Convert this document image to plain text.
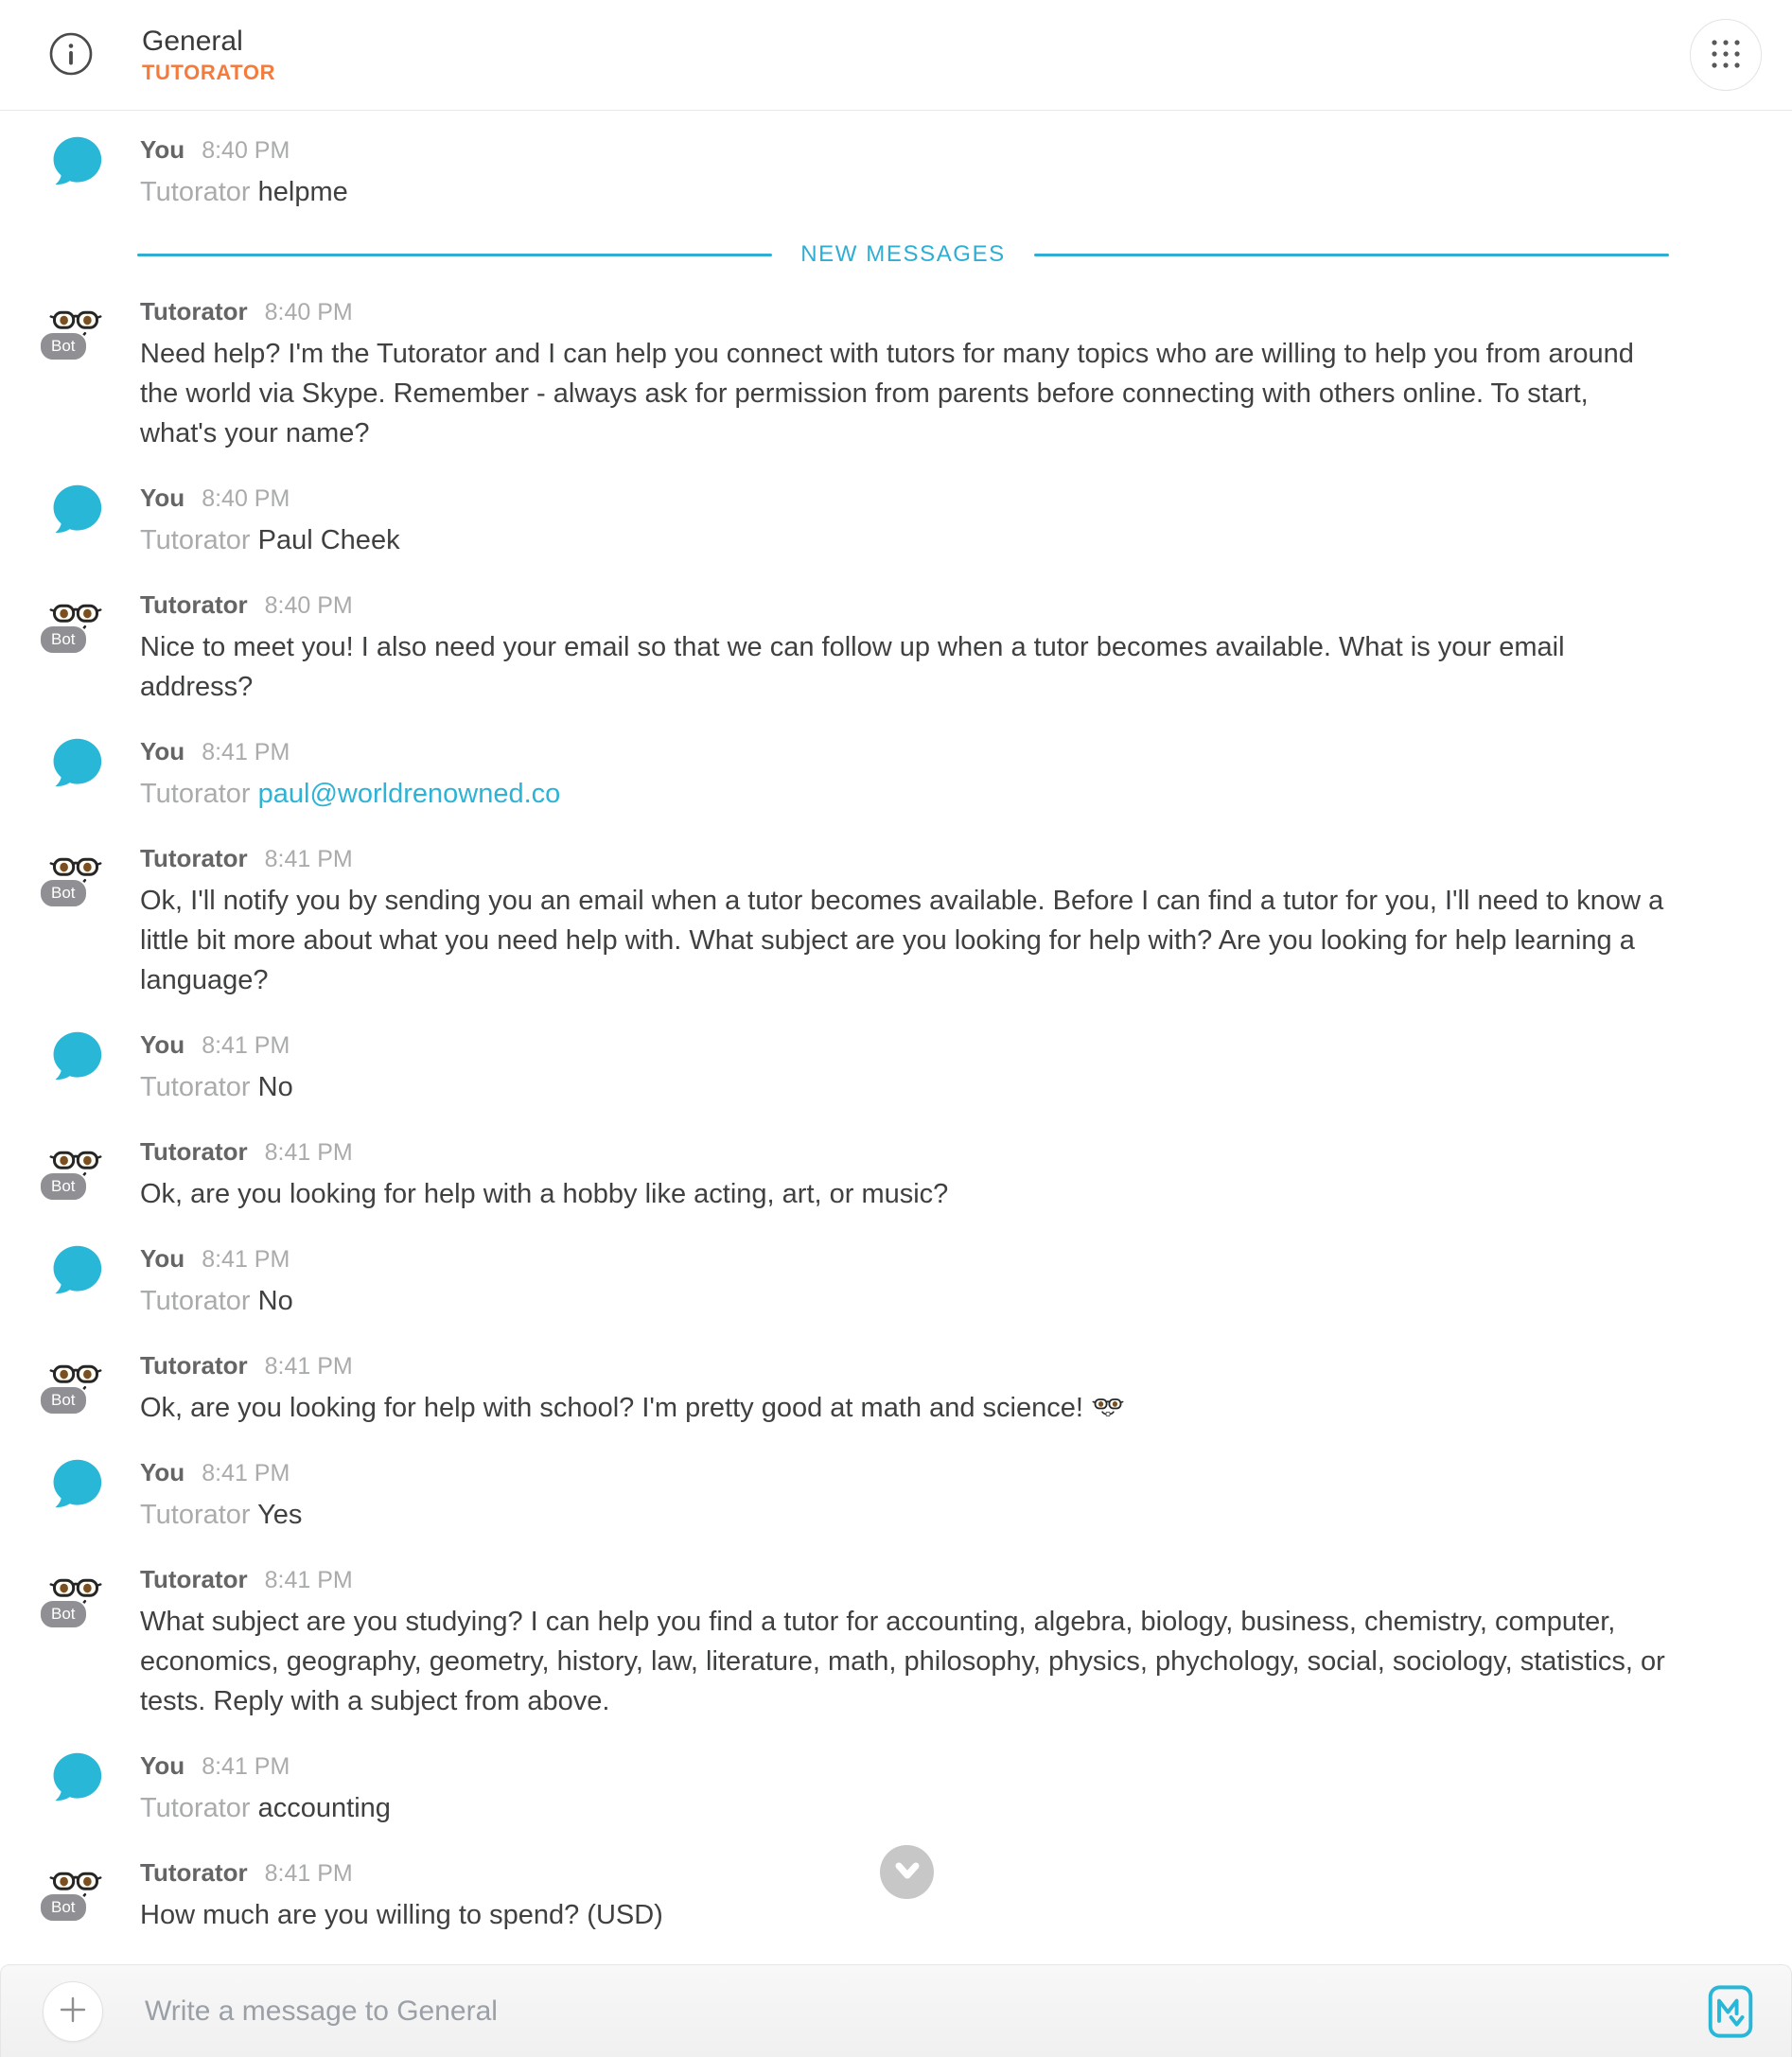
General
TUTORATOR
You 8:40 PM
Tutorator helpme
NEW MESSAGES
Bot
Tutorator 8:40 PM
Need help? I'm the Tutorator and I can help you connect with tutors for many topics who are willing to help you from around the world via Skype. Remember - always ask for permission from parents before connecting with others online. To start, what's your name?
You 8:40 PM
Tutorator Paul Cheek
Bot
Tutorator 8:40 PM
Nice to meet you! I also need your email so that we can follow up when a tutor becomes available. What is your email address?
You 8:41 PM
Tutorator paul@worldrenowned.co
Bot
Tutorator 8:41 PM
Ok, I'll notify you by sending you an email when a tutor becomes available. Before I can find a tutor for you, I'll need to know a little bit more about what you need help with. What subject are you looking for help with? Are you looking for help learning a language?
You 8:41 PM
Tutorator No
Bot
Tutorator 8:41 PM
Ok, are you looking for help with a hobby like acting, art, or music?
You 8:41 PM
Tutorator No
Bot
Tutorator 8:41 PM
Ok, are you looking for help with school? I'm pretty good at math and science!
You 8:41 PM
Tutorator Yes
Bot
Tutorator 8:41 PM
What subject are you studying? I can help you find a tutor for accounting, algebra, biology, business, chemistry, computer, economics, geography, geometry, history, law, literature, math, philosophy, physics, phychology, social, sociology, statistics, or tests. Reply with a subject from above.
You 8:41 PM
Tutorator accounting
Bot
Tutorator 8:41 PM
How much are you willing to spend? (USD)
Write a message to General
